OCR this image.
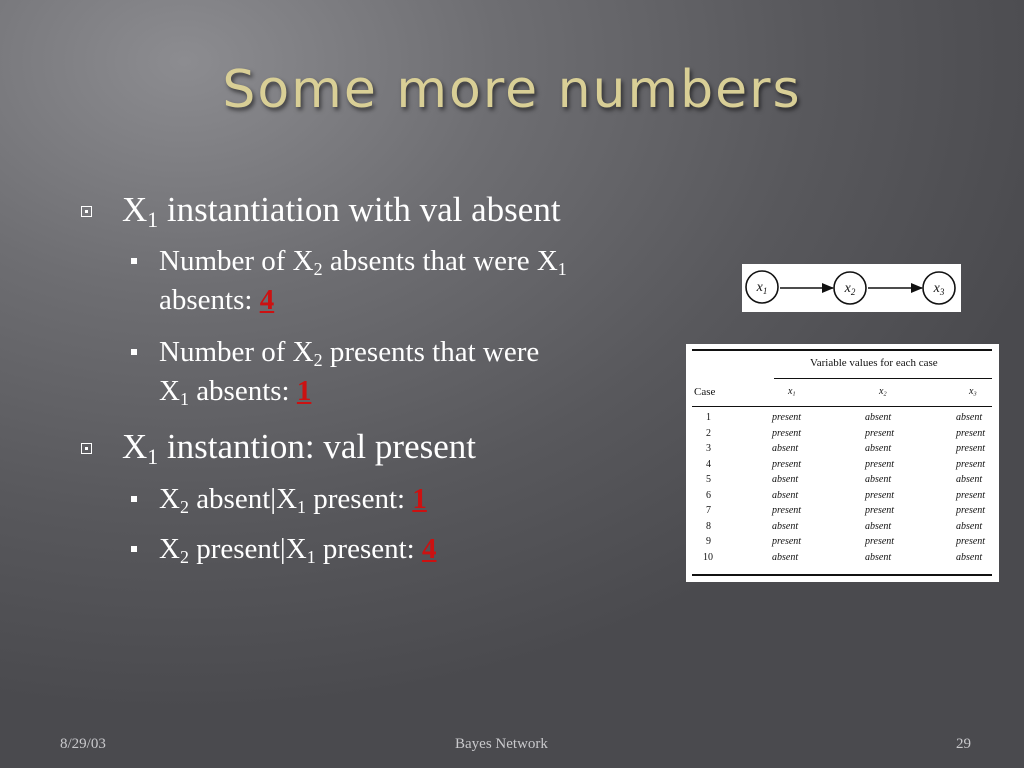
Some more numbers
$X_1$ instantiation with val absent
Number of $X_2$ absents that were $X_1$
absents: 4
Number of $X_2$ presents that were
$X_1$ absents: 1
$X_1$ instantion: val present
$X_2$ $absent|X_1$ present: 1
$X_2$ $present|X_1$ present: 4
$x_1$	$x_2$	$x_3$
Variable values for each case
Case	$x_1$	$x_2$	$x_3$
1	present	absent	absent
2	present	present	present
3	absent	absent	present
4	present	present	present
5	absent	absent	absent
6	absent	present	present
7	present	present	present
8	absent	absent	absent
9	present	present	present
10	absent	absent	absent
8/29/03	Bayes Network	29
